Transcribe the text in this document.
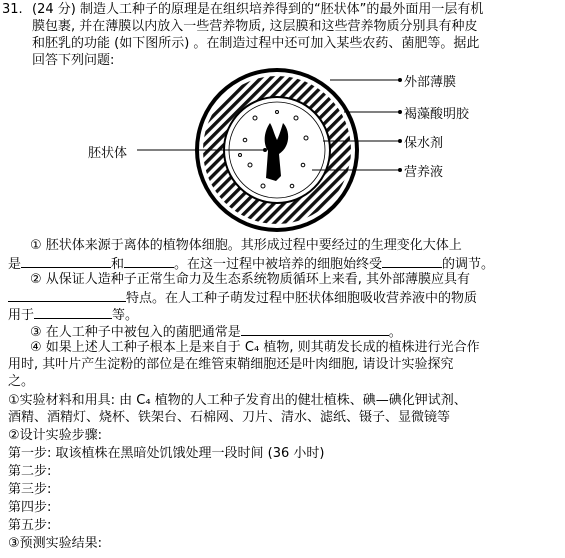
31. (24 分) 制造人工种子的原理是在组织培养得到的“胚状体”的最外面用一层有机
膜包裹, 并在薄膜以内放入一些营养物质, 这层膜和这些营养物质分别具有种皮
和胚乳的功能 (如下图所示) 。在制造过程中还可加入某些农药、菌肥等。据此
回答下列问题:
外部薄膜
褐藻酸明胶
保水剂
营养液
胚状体
① 胚状体来源于离体的植物体细胞。其形成过程中要经过的生理变化大体上
是	和	。在这一过程中被培养的细胞始终受	的调节。
② 从保证人造种子正常生命力及生态系统物质循环上来看, 其外部薄膜应具有
特点。在人工种子萌发过程中胚状体细胞吸收营养液中的物质
用于	等。
③ 在人工种子中被包入的菌肥通常是	。
④ 如果上述人工种子根本上是来自于 C₄ 植物, 则其萌发长成的植株进行光合作
用时, 其叶片产生淀粉的部位是在维管束鞘细胞还是叶肉细胞, 请设计实验探究
之。
①实验材料和用具: 由 C₄ 植物的人工种子发育出的健壮植株、碘—碘化钾试剂、
酒精、酒精灯、烧杯、铁架台、石棉网、刀片、清水、滤纸、镊子、显微镜等
②设计实验步骤:
第一步: 取该植株在黑暗处饥饿处理一段时间 (36 小时)
第二步:
第三步:
第四步:
第五步:
③预测实验结果:
